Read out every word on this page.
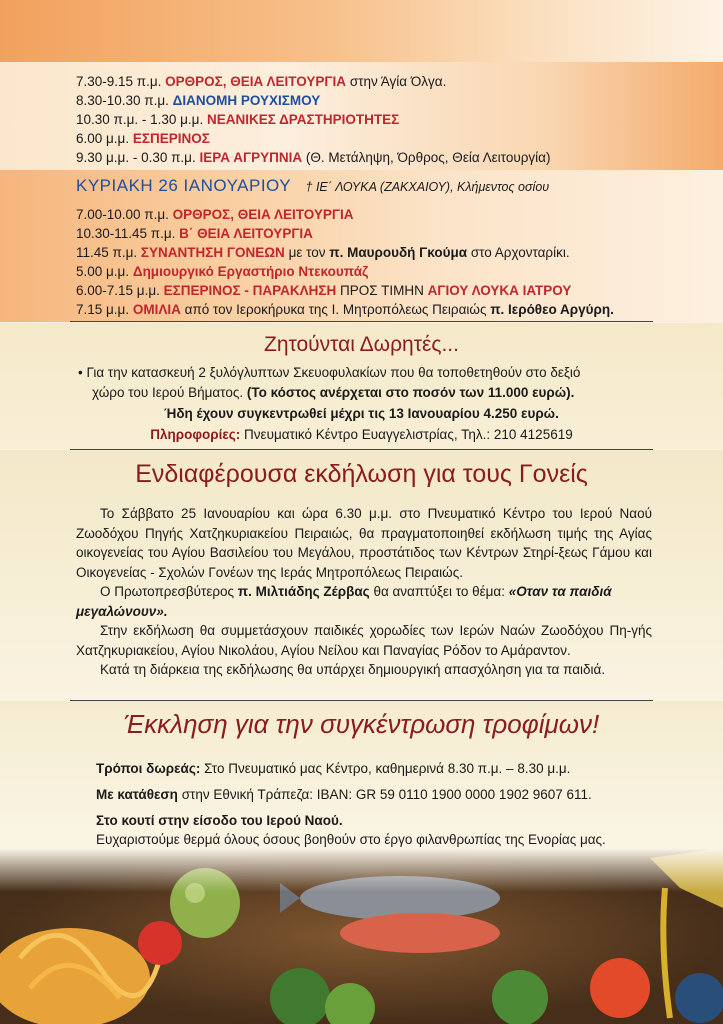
7.30-9.15 π.μ. ΟΡΘΡΟΣ, ΘΕΙΑ ΛΕΙΤΟΥΡΓΙΑ στην Άγία Όλγα.
8.30-10.30 π.μ. ΔΙΑΝΟΜΗ ΡΟΥΧΙΣΜΟΥ
10.30 π.μ. - 1.30 μ.μ. ΝΕΑΝΙΚΕΣ ΔΡΑΣΤΗΡΙΟΤΗΤΕΣ
6.00 μ.μ. ΕΣΠΕΡΙΝΟΣ
9.30 μ.μ. - 0.30 π.μ. ΙΕΡΑ ΑΓΡΥΠΝΙΑ (Θ. Μετάληψη, Όρθρος, Θεία Λειτουργία)
ΚΥΡΙΑΚΗ 26 ΙΑΝΟΥΑΡΙΟΥ † ΙΕ΄ ΛΟΥΚΑ (ΖΑΚΧΑΙΟΥ), Κλήμεντος οσίου
7.00-10.00 π.μ. ΟΡΘΡΟΣ, ΘΕΙΑ ΛΕΙΤΟΥΡΓΙΑ
10.30-11.45 π.μ. Β΄ ΘΕΙΑ ΛΕΙΤΟΥΡΓΙΑ
11.45 π.μ. ΣΥΝΑΝΤΗΣΗ ΓΟΝΕΩΝ με τον π. Μαυρουδή Γκούμα στο Αρχονταρίκι.
5.00 μ.μ. Δημιουργικό Εργαστήριο Ντεκουπάζ
6.00-7.15 μ.μ. ΕΣΠΕΡΙΝΟΣ - ΠΑΡΑΚΛΗΣΗ ΠΡΟΣ ΤΙΜΗΝ ΑΓΙΟΥ ΛΟΥΚΑ ΙΑΤΡΟΥ
7.15 μ.μ. ΟΜΙΛΙΑ από τον Ιεροκήρυκα της Ι. Μητροπόλεως Πειραιώς π. Ιερόθεο Αργύρη.
Ζητούνται Δωρητές...
• Για την κατασκευή 2 ξυλόγλυπτων Σκευοφυλακίων που θα τοποθετηθούν στο δεξιό
χώρο του Ιερού Βήματος. (Το κόστος ανέρχεται στο ποσόν των 11.000 ευρώ).
Ήδη έχουν συγκεντρωθεί μέχρι τις 13 Ιανουαρίου 4.250 ευρώ.
Πληροφορίες: Πνευματικό Κέντρο Ευαγγελιστρίας, Τηλ.: 210 4125619
Ενδιαφέρουσα εκδήλωση για τους Γονείς
Το Σάββατο 25 Ιανουαρίου και ώρα 6.30 μ.μ. στο Πνευματικό Κέντρο του Ιερού Ναού Ζωοδόχου Πηγής Χατζηκυριακείου Πειραιώς, θα πραγματοποιηθεί εκδήλωση τιμής της Αγίας οικογενείας του Αγίου Βασιλείου του Μεγάλου, προστάτιδος των Κέντρων Στηρί-ξεως Γάμου και Οικογενείας - Σχολών Γονέων της Ιεράς Μητροπόλεως Πειραιώς.
Ο Πρωτοπρεσβύτερος π. Μιλτιάδης Ζέρβας θα αναπτύξει το θέμα: «Οταν τα παιδιά μεγαλώνουν».
Στην εκδήλωση θα συμμετάσχουν παιδικές χορωδίες των Ιερών Ναών Ζωοδόχου Πη-γής Χατζηκυριακείου, Αγίου Νικολάου, Αγίου Νείλου και Παναγίας Ρόδον το Αμάραντον.
Κατά τη διάρκεια της εκδήλωσης θα υπάρχει δημιουργική απασχόληση για τα παιδιά.
Έκκληση για την συγκέντρωση τροφίμων!
Τρόποι δωρεάς: Στο Πνευματικό μας Κέντρο, καθημερινά 8.30 π.μ. – 8.30 μ.μ.
Με κατάθεση στην Εθνική Τράπεζα: IBAN: GR 59 0110 1900 0000 1902 9607 611.
Στο κουτί στην είσοδο του Ιερού Ναού.
Ευχαριστούμε θερμά όλους όσους βοηθούν στο έργο φιλανθρωπίας της Ενορίας μας.
